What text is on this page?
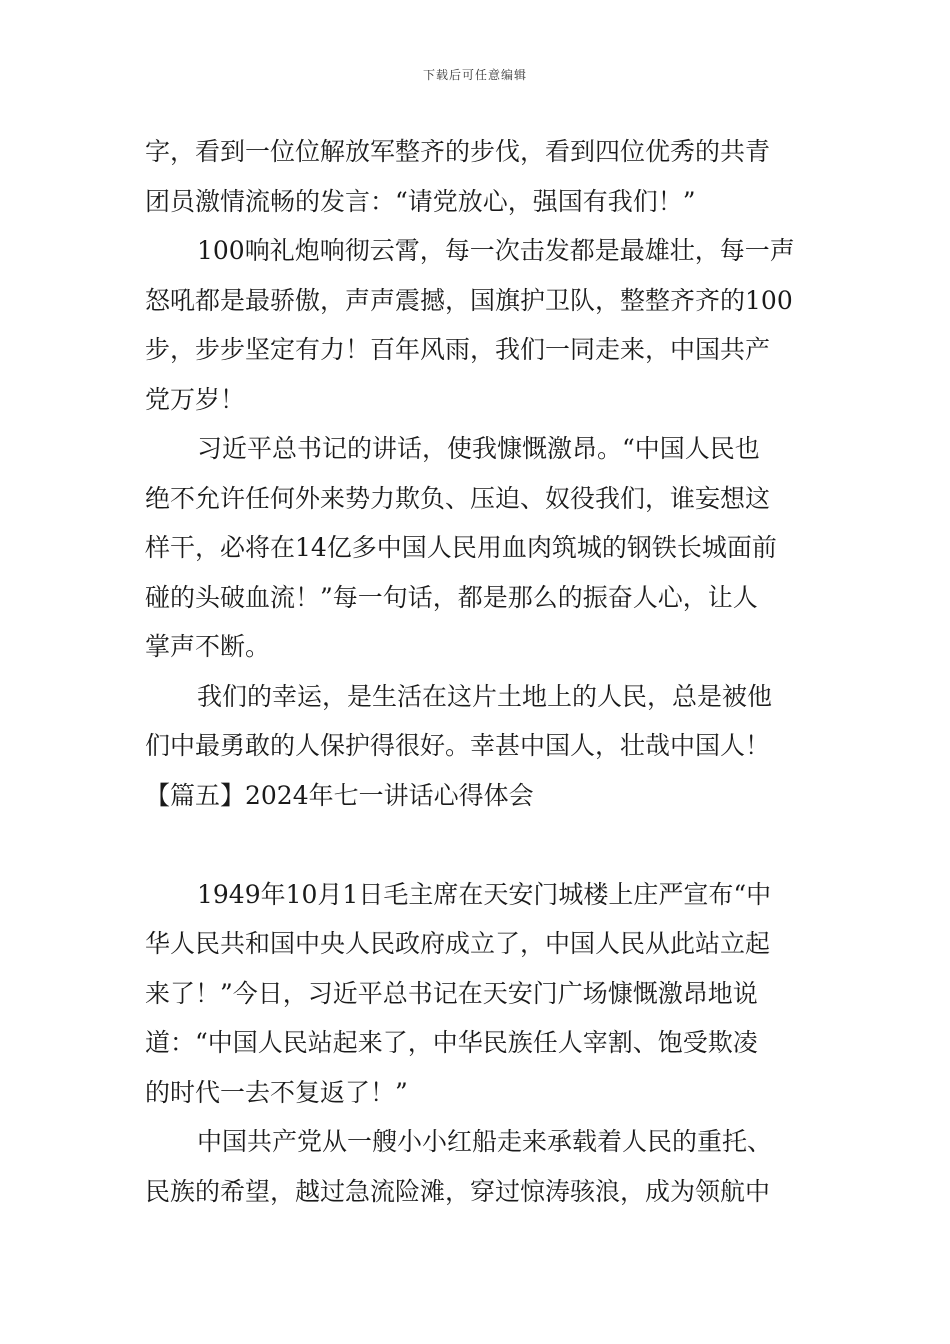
下载后可任意编辑
字，看到一位位解放军整齐的步伐，看到四位优秀的共青
团员激情流畅的发言：“请党放心，强国有我们！”
100响礼炮响彻云霄，每一次击发都是最雄壮，每一声
怒吼都是最骄傲，声声震撼，国旗护卫队，整整齐齐的100
步，步步坚定有力！百年风雨，我们一同走来，中国共产
党万岁！
习近平总书记的讲话，使我慷慨激昂。“中国人民也
绝不允许任何外来势力欺负、压迫、奴役我们，谁妄想这
样干，必将在14亿多中国人民用血肉筑城的钢铁长城面前
碰的头破血流！”每一句话，都是那么的振奋人心，让人
掌声不断。
我们的幸运，是生活在这片土地上的人民，总是被他
们中最勇敢的人保护得很好。幸甚中国人，壮哉中国人！
【篇五】2024年七一讲话心得体会
1949年10月1日毛主席在天安门城楼上庄严宣布“中
华人民共和国中央人民政府成立了，中国人民从此站立起
来了！”今日，习近平总书记在天安门广场慷慨激昂地说
道：“中国人民站起来了，中华民族任人宰割、饱受欺凌
的时代一去不复返了！”
中国共产党从一艘小小红船走来承载着人民的重托、
民族的希望，越过急流险滩，穿过惊涛骇浪，成为领航中
